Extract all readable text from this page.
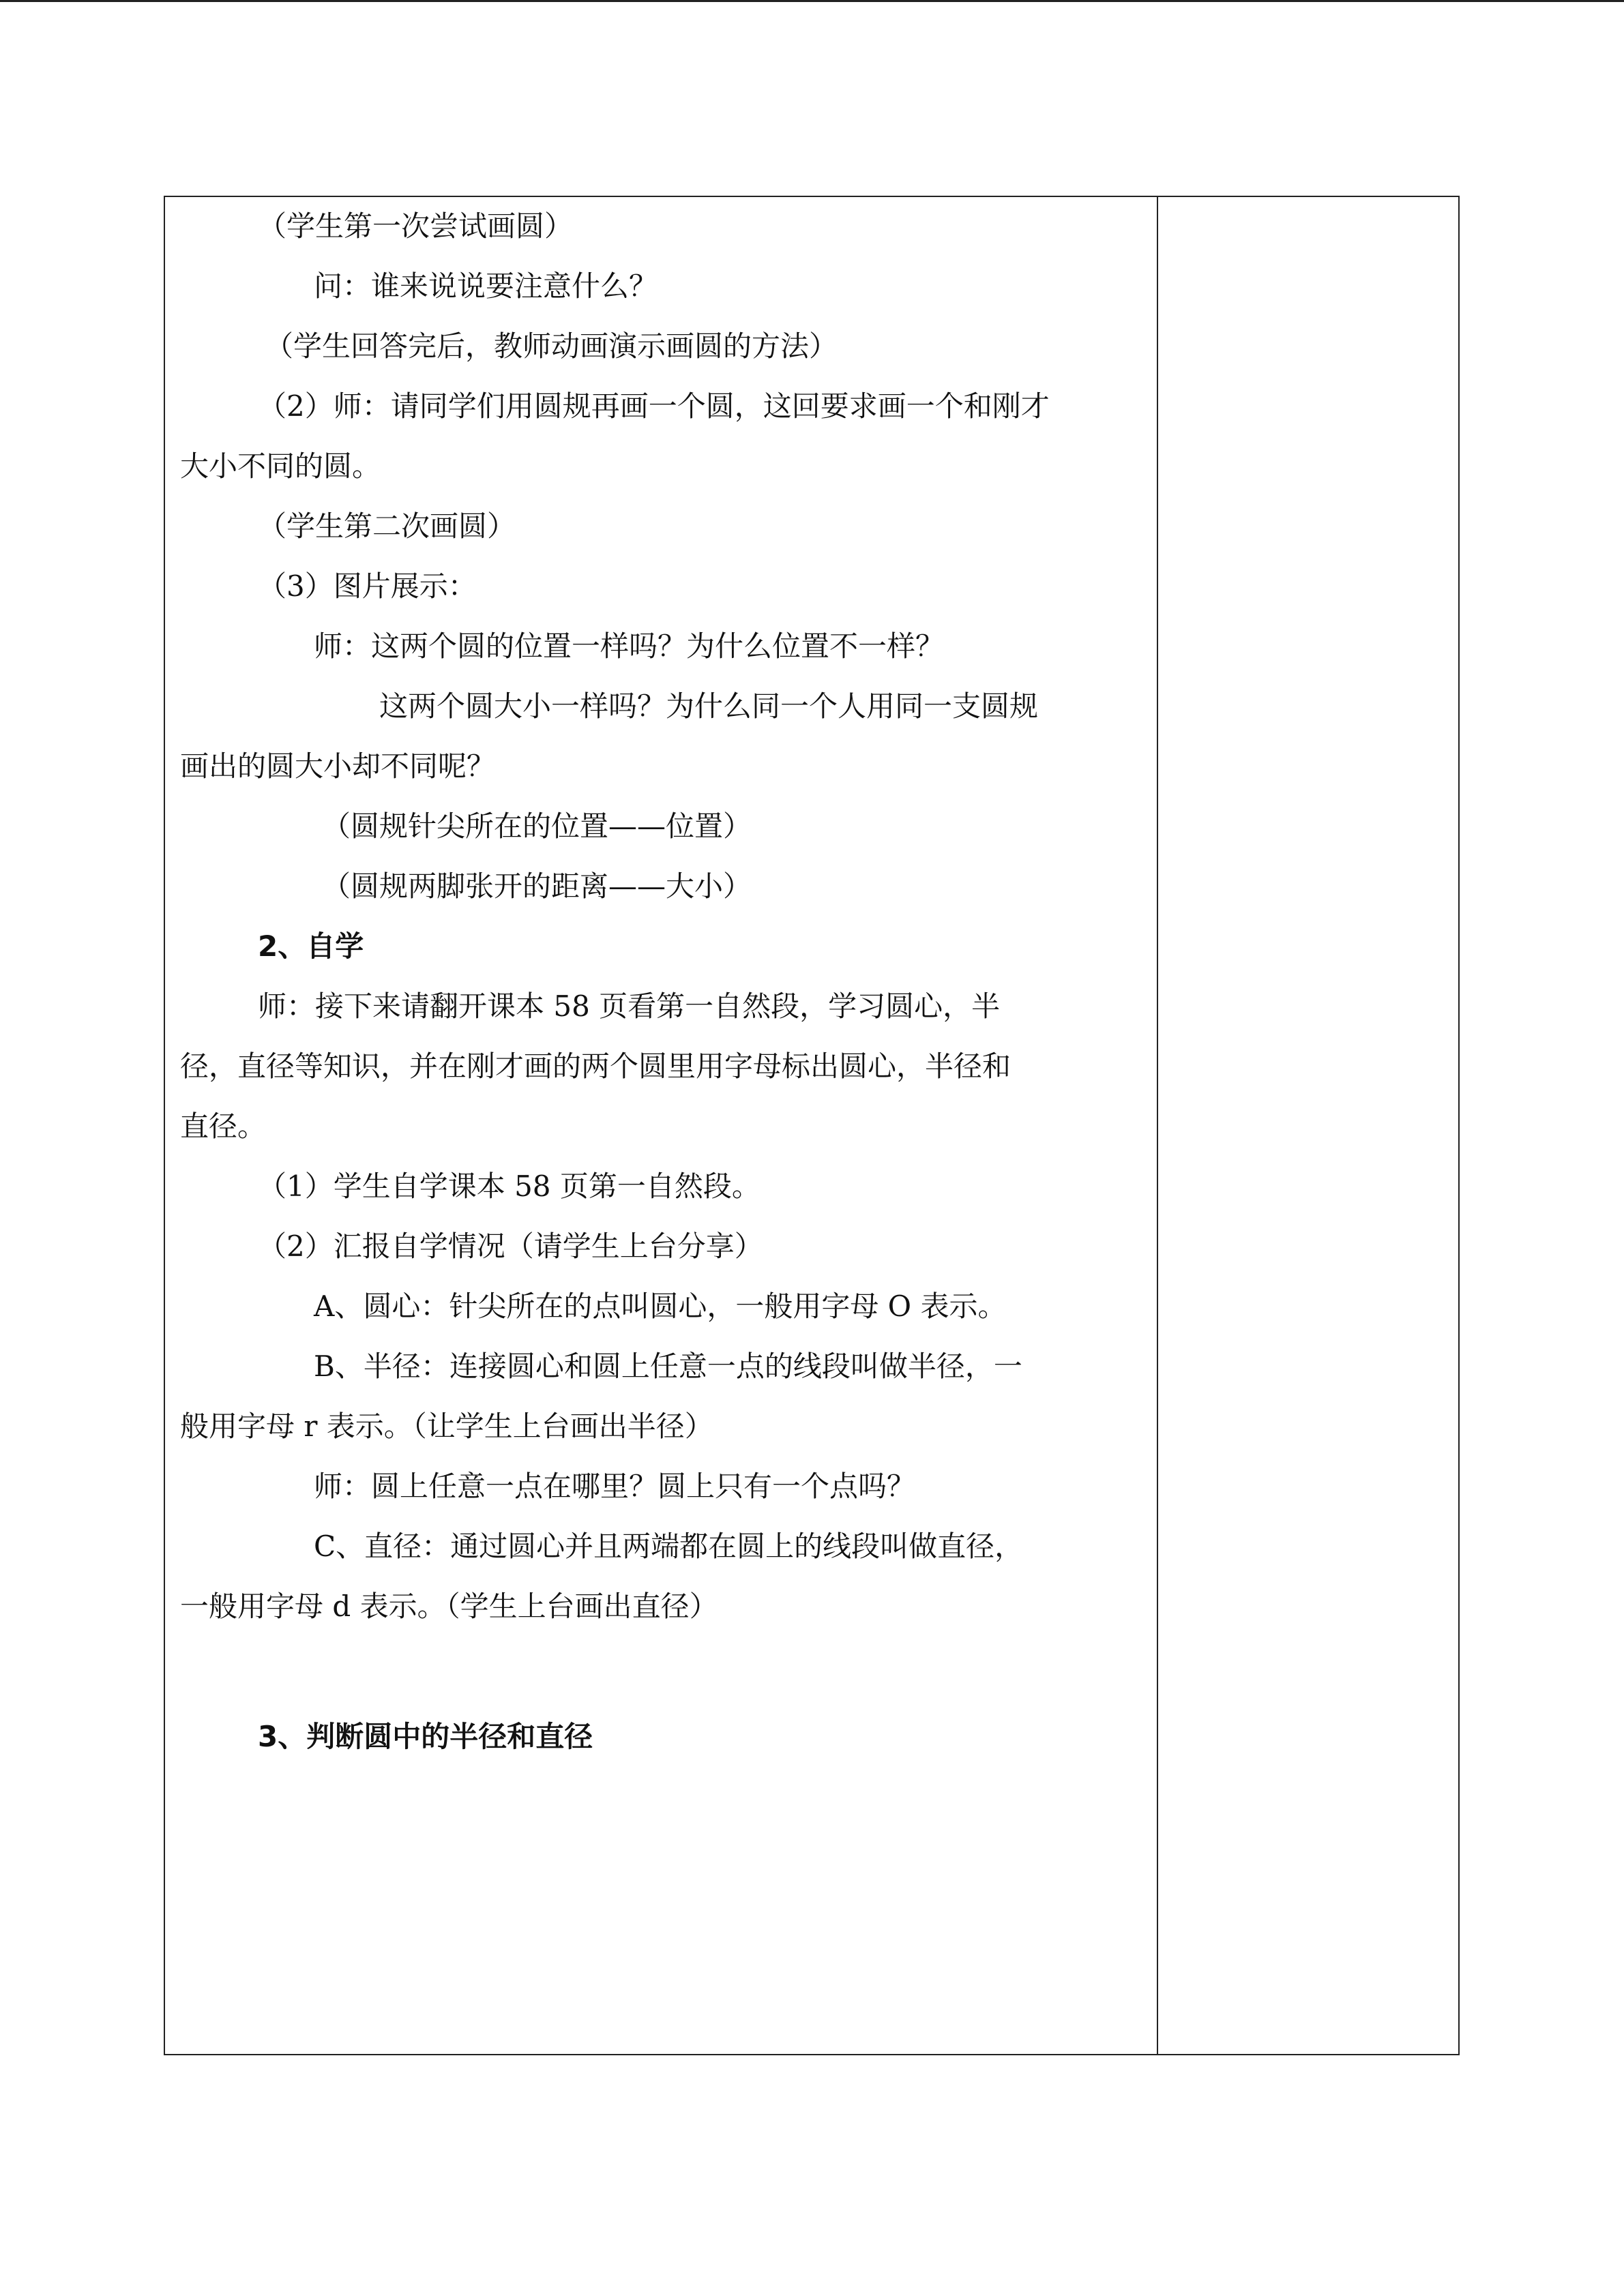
（学生第一次尝试画圆）
问：谁来说说要注意什么？
（学生回答完后，教师动画演示画圆的方法）
（2）师：请同学们用圆规再画一个圆，这回要求画一个和刚才
大小不同的圆。
（学生第二次画圆）
（3）图片展示：
师：这两个圆的位置一样吗？为什么位置不一样？
这两个圆大小一样吗？为什么同一个人用同一支圆规
画出的圆大小却不同呢？
（圆规针尖所在的位置——位置）
（圆规两脚张开的距离——大小）
2、自学
师：接下来请翻开课本 58 页看第一自然段，学习圆心，半
径，直径等知识，并在刚才画的两个圆里用字母标出圆心，半径和
直径。
（1）学生自学课本 58 页第一自然段。
（2）汇报自学情况（请学生上台分享）
A、圆心：针尖所在的点叫圆心，一般用字母 O 表示。
B、半径：连接圆心和圆上任意一点的线段叫做半径，一
般用字母 r 表示。（让学生上台画出半径）
师：圆上任意一点在哪里？圆上只有一个点吗？
C、直径：通过圆心并且两端都在圆上的线段叫做直径，
一般用字母 d 表示。（学生上台画出直径）
3、判断圆中的半径和直径
